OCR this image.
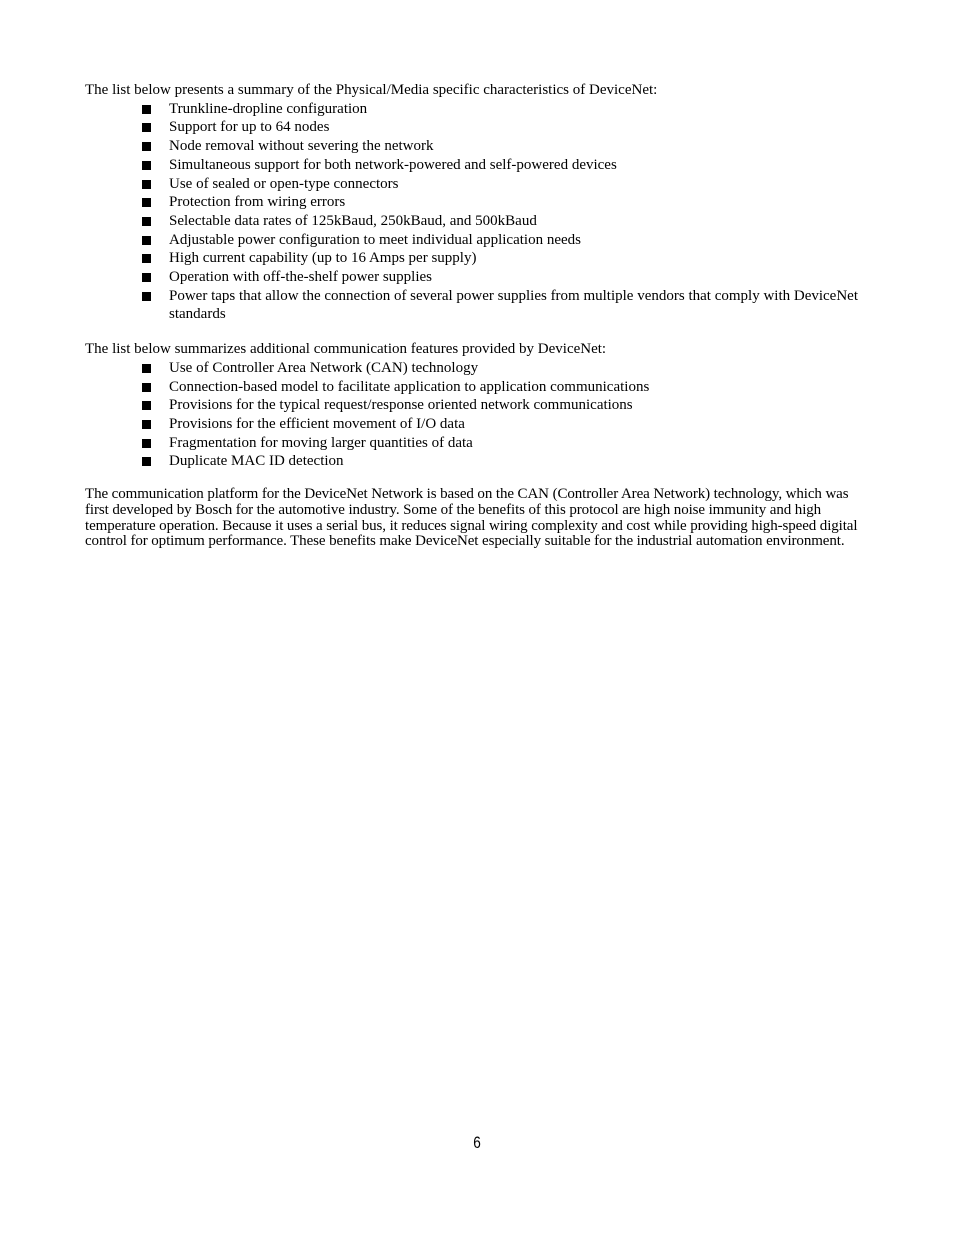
The list below presents a summary of the Physical/Media specific characteristics of DeviceNet:

Trunkline-dropline configuration
Support for up to 64 nodes
Node removal without severing the network
Simultaneous support for both network-powered and self-powered devices
Use of sealed or open-type connectors
Protection from wiring errors
Selectable data rates of 125kBaud, 250kBaud, and 500kBaud
Adjustable power configuration to meet individual application needs
High current capability (up to 16 Amps per supply)
Operation with off-the-shelf power supplies
Power taps that allow the connection of several power supplies from multiple vendors that comply with DeviceNet standards

The list below summarizes additional communication features provided by DeviceNet:

Use of Controller Area Network (CAN) technology
Connection-based model to facilitate application to application communications
Provisions for the typical request/response oriented network communications
Provisions for the efficient movement of I/O data
Fragmentation for moving larger quantities of data
Duplicate MAC ID detection

The communication platform for the DeviceNet Network is based on the CAN (Controller Area Network) technology, which was first developed by Bosch for the automotive industry. Some of the benefits of this protocol are high noise immunity and high temperature operation. Because it uses a serial bus, it reduces signal wiring complexity and cost while providing high-speed digital control for optimum performance. These benefits make DeviceNet especially suitable for the industrial automation environment.

6
